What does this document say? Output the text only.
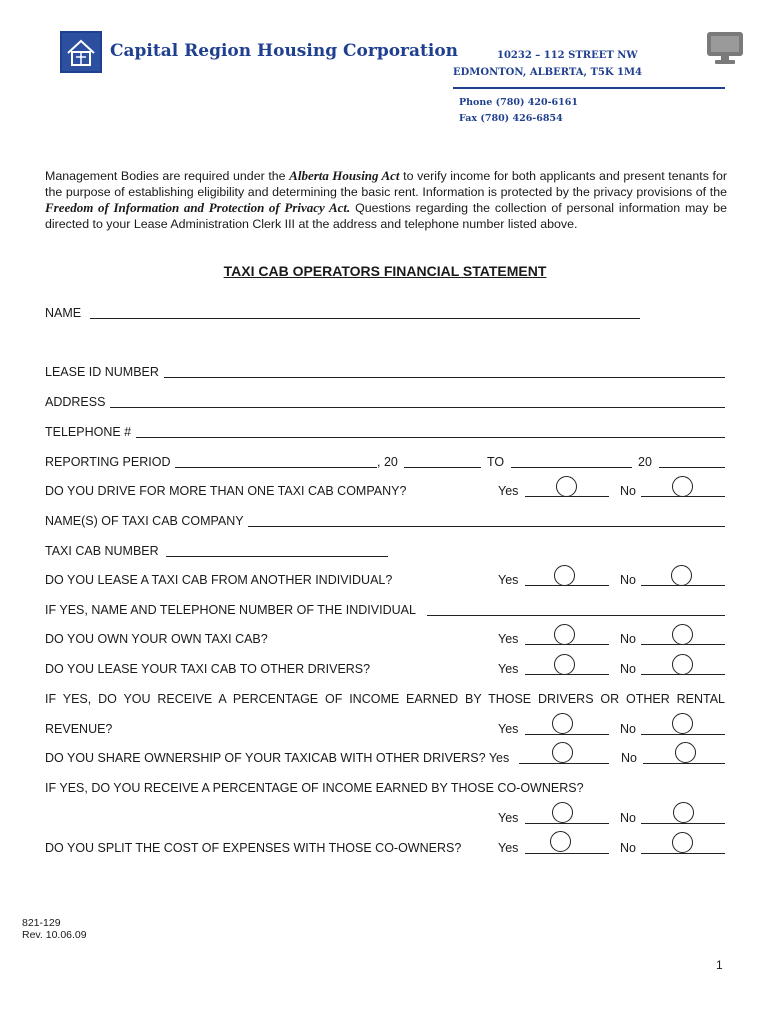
Capital Region Housing Corporation	10232 – 112 STREET NW
EDMONTON, ALBERTA, T5K 1M4
Phone (780) 420-6161
Fax (780) 426-6854
Management Bodies are required under the Alberta Housing Act to verify income for both applicants and present tenants for the purpose of establishing eligibility and determining the basic rent. Information is protected by the privacy provisions of the Freedom of Information and Protection of Privacy Act. Questions regarding the collection of personal information may be directed to your Lease Administration Clerk III at the address and telephone number listed above.
TAXI CAB OPERATORS FINANCIAL STATEMENT
NAME
LEASE ID NUMBER
ADDRESS
TELEPHONE #
REPORTING PERIOD	, 20	TO	20
DO YOU DRIVE FOR MORE THAN ONE TAXI CAB COMPANY?	Yes	No
NAME(S) OF TAXI CAB COMPANY
TAXI CAB NUMBER
DO YOU LEASE A TAXI CAB FROM ANOTHER INDIVIDUAL?	Yes	No
IF YES, NAME AND TELEPHONE NUMBER OF THE INDIVIDUAL
DO YOU OWN YOUR OWN TAXI CAB?	Yes	No
DO YOU LEASE YOUR TAXI CAB TO OTHER DRIVERS?	Yes	No
IF YES, DO YOU RECEIVE A PERCENTAGE OF INCOME EARNED BY THOSE DRIVERS OR OTHER RENTAL
REVENUE?	Yes	No
DO YOU SHARE OWNERSHIP OF YOUR TAXICAB WITH OTHER DRIVERS? Yes	No
IF YES, DO YOU RECEIVE A PERCENTAGE OF INCOME EARNED BY THOSE CO-OWNERS?
Yes	No
DO YOU SPLIT THE COST OF EXPENSES WITH THOSE CO-OWNERS?	Yes	No
821-129
Rev. 10.06.09
1
